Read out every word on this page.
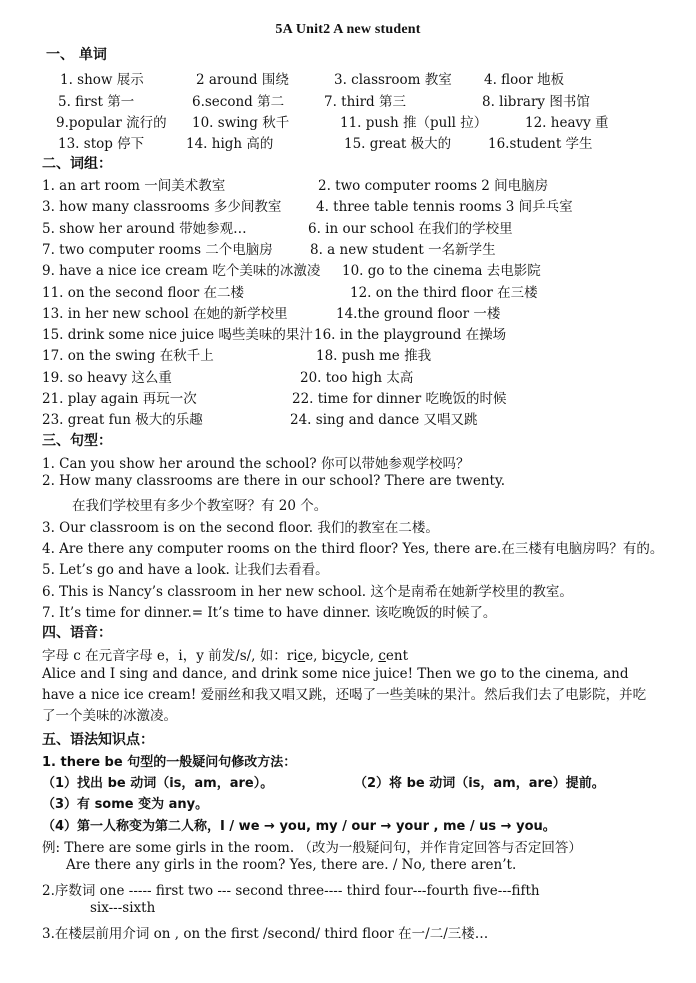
5A Unit2 A new student
一、 单词
1. show 展示	2 around 围绕	3. classroom 教室 4. floor 地板
5. first 第一	6.second 第二	7. third 第三	8. library 图书馆
9.popular 流行的 10. swing 秋千	11. push 推（pull 拉）	12. heavy 重
13. stop 停下	14. high 高的	15. great 极大的	16.student 学生
二、词组：
1. an art room 一间美术教室	2. two computer rooms 2 间电脑房
3. how many classrooms 多少间教室	4. three table tennis rooms 3 间乒乓室
5. show her around 带她参观…	6. in our school 在我们的学校里
7. two computer rooms 二个电脑房	8. a new student 一名新学生
9. have a nice ice cream 吃个美味的冰激凌 10. go to the cinema 去电影院
11. on the second floor 在二楼	12. on the third floor 在三楼
13. in her new school 在她的新学校里	14.the ground floor 一楼
15. drink some nice juice 喝些美味的果汁 16. in the playground 在操场
17. on the swing 在秋千上	18. push me 推我
19. so heavy 这么重	20. too high 太高
21. play again 再玩一次	22. time for dinner 吃晚饭的时候
23. great fun 极大的乐趣	24. sing and dance 又唱又跳
三、句型：
1. Can you show her around the school? 你可以带她参观学校吗？
2. How many classrooms are there in our school? There are twenty.
在我们学校里有多少个教室呀？有 20 个。
3. Our classroom is on the second floor. 我们的教室在二楼。
4. Are there any computer rooms on the third floor? Yes, there are.在三楼有电脑房吗？有的。
5. Let’s go and have a look. 让我们去看看。
6. This is Nancy’s classroom in her new school. 这个是南希在她新学校里的教室。
7. It’s time for dinner.= It’s time to have dinner. 该吃晚饭的时候了。
四、语音：
字母 c 在元音字母 e，i，y 前发/s/, 如：rice, bicycle, cent
Alice and I sing and dance, and drink some nice juice! Then we go to the cinema, and have a nice ice cream! 爱丽丝和我又唱又跳，还喝了一些美味的果汁。然后我们去了电影院，并吃了一个美味的冰激凌。
五、语法知识点：
1. there be 句型的一般疑问句修改方法：
（1）找出 be 动词（is，am，are）。	（2）将 be 动词（is，am，are）提前。
（3）有 some 变为 any。
（4）第一人称变为第二人称，I / we → you, my / our → your , me / us → you。
例: There are some girls in the room. （改为一般疑问句，并作肯定回答与否定回答）
Are there any girls in the room? Yes, there are. / No, there aren’t.
2.序数词 one ----- first two --- second three---- third four---fourth five---fifth
six---sixth
3.在楼层前用介词 on , on the first /second/ third floor 在一/二/三楼…
